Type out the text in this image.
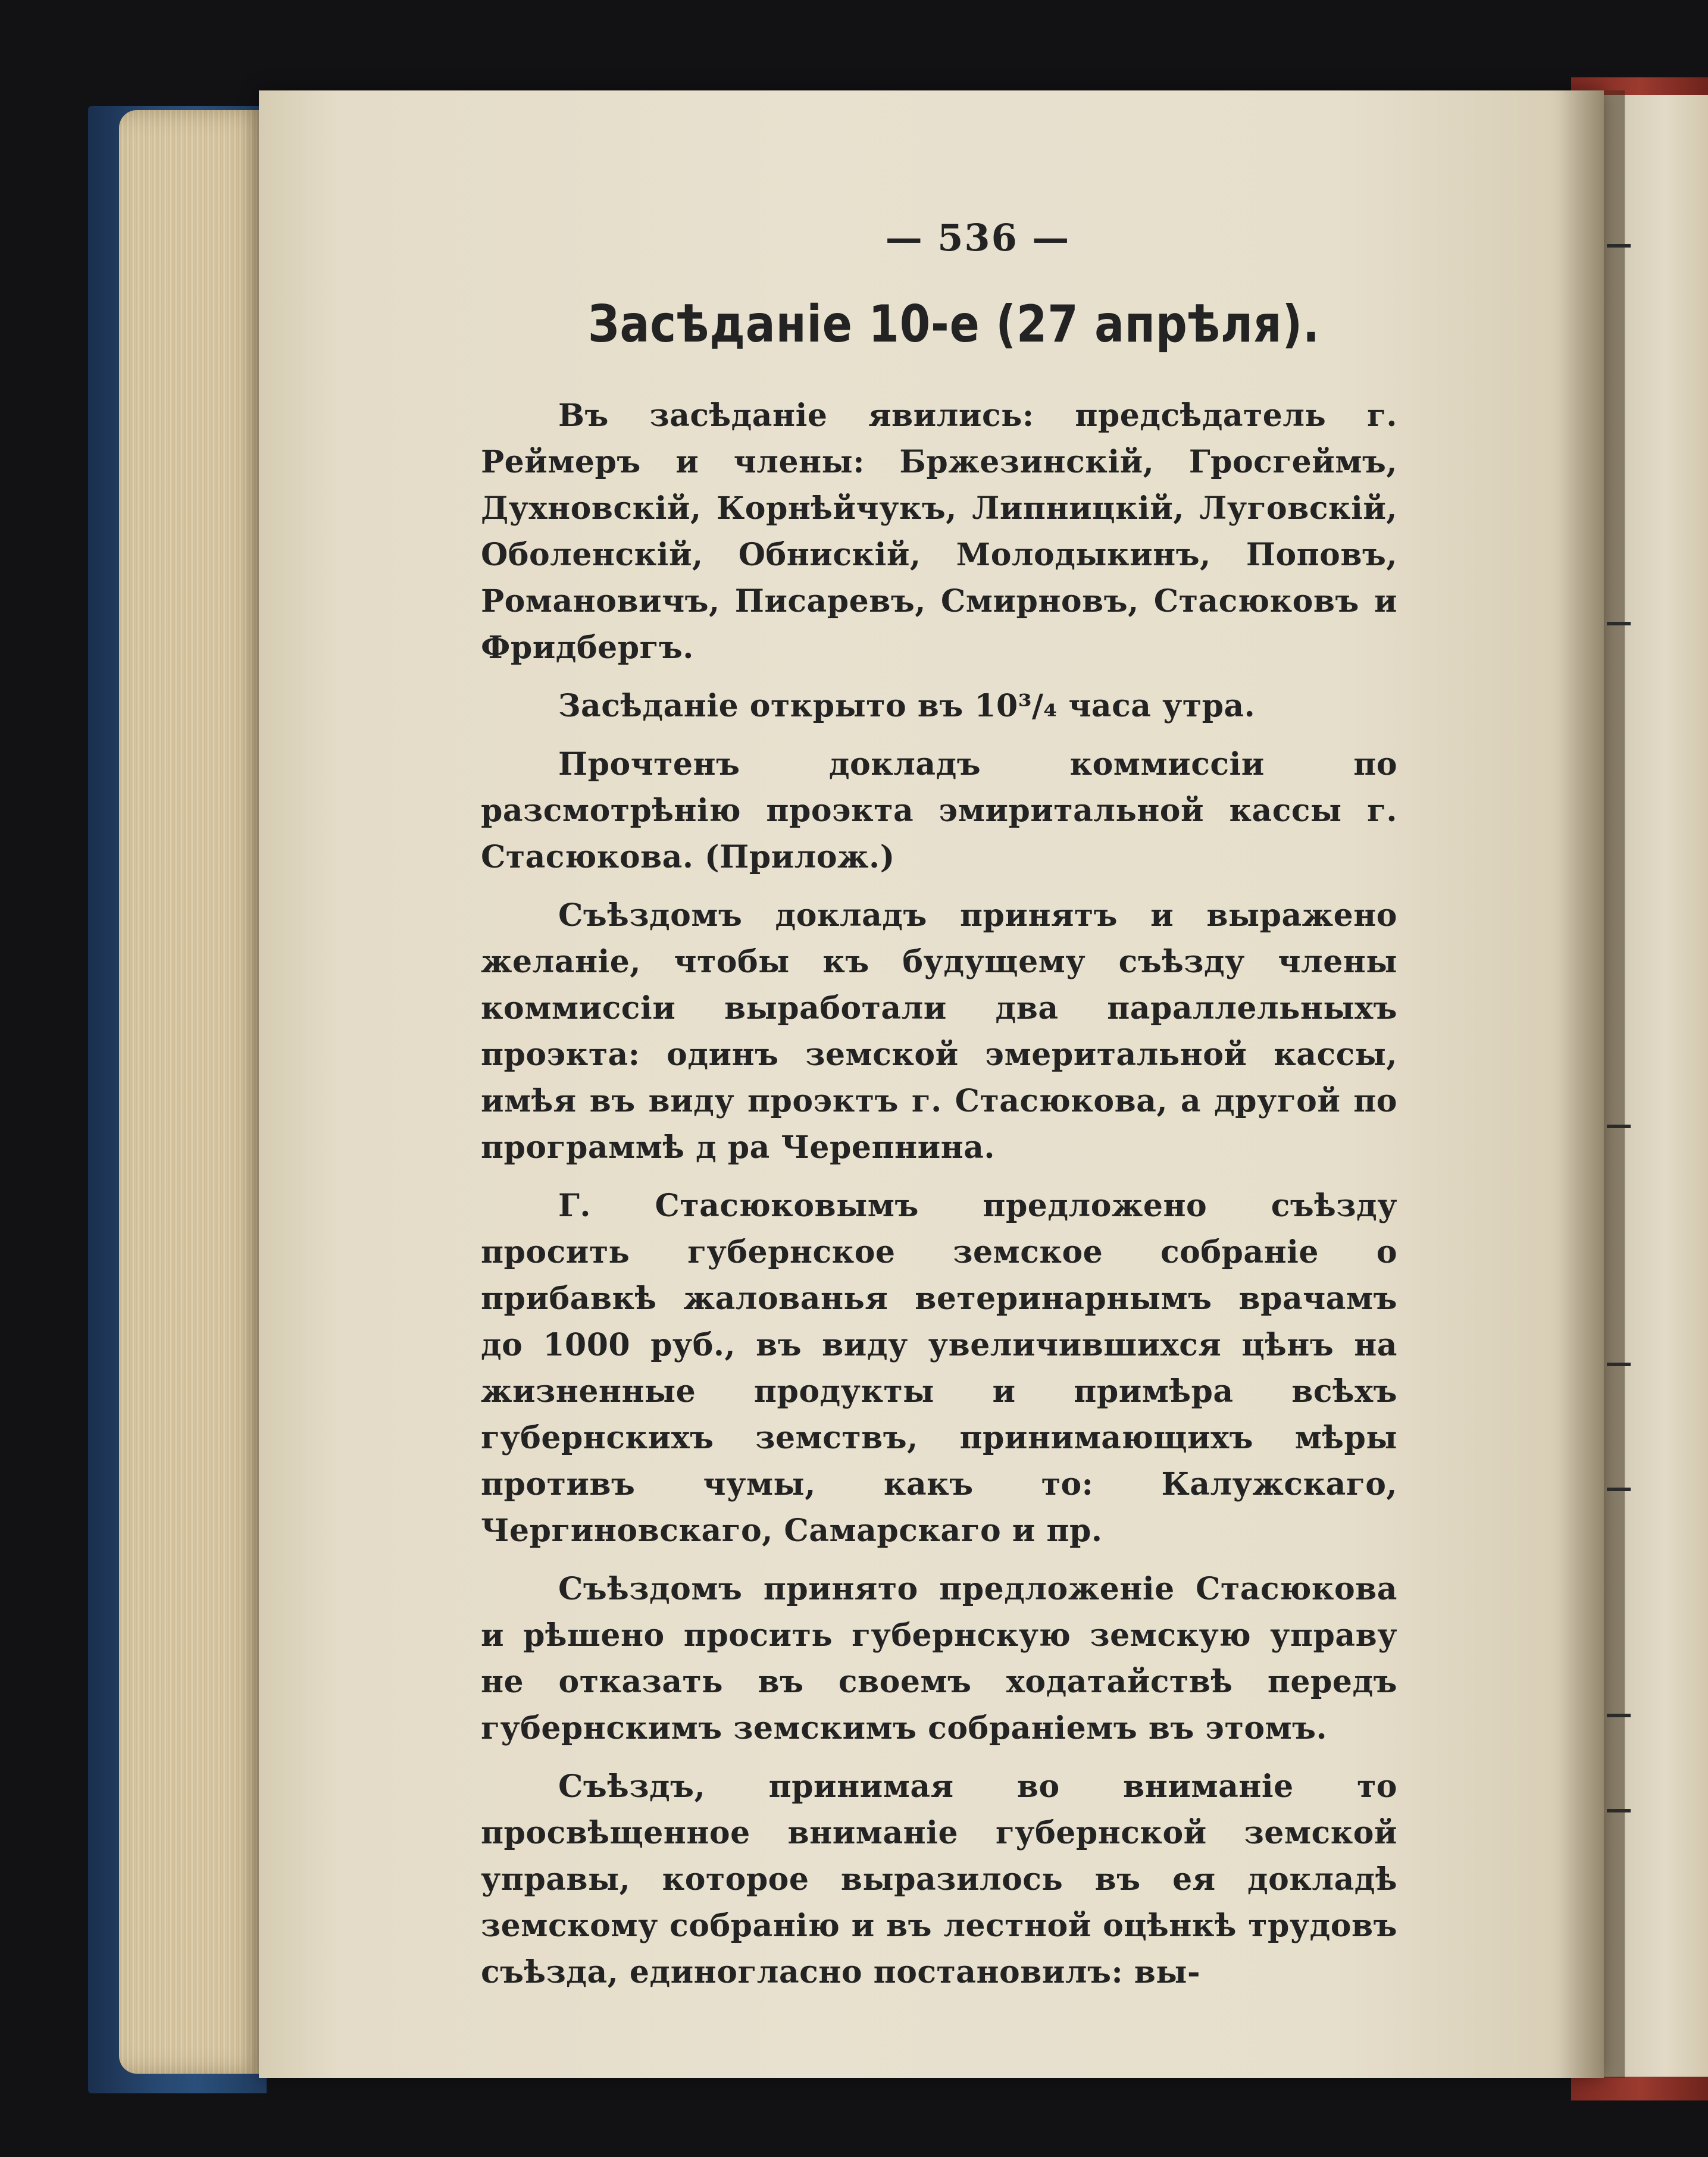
— 536 —
Засѣданіе 10-е (27 апрѣля).

Въ засѣданіе явились: предсѣдатель г. Реймеръ и члены: Бржезинскій, Гросгеймъ, Духновскій, Корнѣйчукъ, Липницкій, Луговскій, Оболенскій, Обнискій, Молодыкинъ, Поповъ, Романовичъ, Писаревъ, Смирновъ, Стасюковъ и Фридбергъ.

Засѣданіе открыто въ 10³/₄ часа утра.

Прочтенъ докладъ коммиссіи по разсмотрѣнію проэкта эмиритальной кассы г. Стасюкова. (Прилож.)

Съѣздомъ докладъ принятъ и выражено желаніе, чтобы къ будущему съѣзду члены коммиссіи выработали два параллельныхъ проэкта: одинъ земской эмеритальной кассы, имѣя въ виду проэктъ г. Стасюкова, а другой по программѣ д ра Черепнина.

Г. Стасюковымъ предложено съѣзду просить губернское земское собраніе о прибавкѣ жалованья ветеринарнымъ врачамъ до 1000 руб., въ виду увеличившихся цѣнъ на жизненные продукты и примѣра всѣхъ губернскихъ земствъ, принимающихъ мѣры противъ чумы, какъ то: Калужскаго, Чергиновскаго, Самарскаго и пр.

Съѣздомъ принято предложеніе Стасюкова и рѣшено просить губернскую земскую управу не отказать въ своемъ ходатайствѣ передъ губернскимъ земскимъ собраніемъ въ этомъ.

Съѣздъ, принимая во вниманіе то просвѣщенное вниманіе губернской земской управы, которое выразилось въ ея докладѣ земскому собранію и въ лестной оцѣнкѣ трудовъ съѣзда, единогласно постановилъ: вы-
